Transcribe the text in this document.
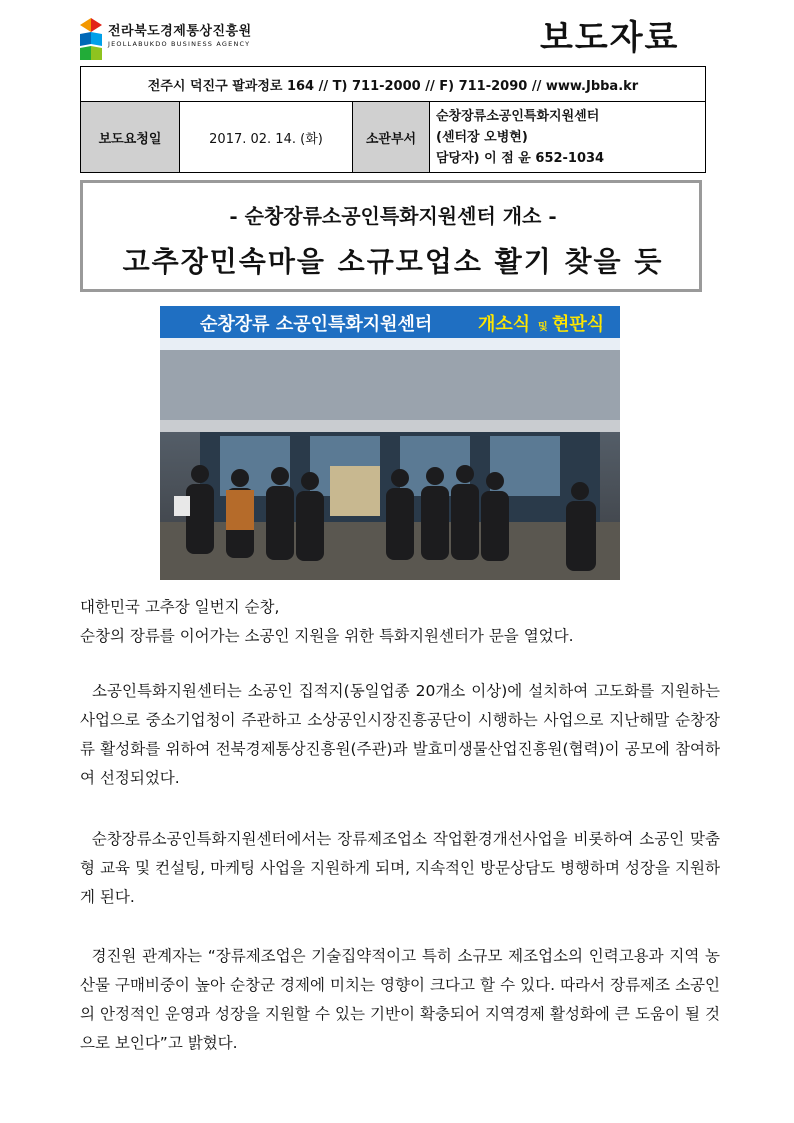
전라북도경제통상진흥원
JEOLLABUKDO BUSINESS AGENCY	보도자료
전주시 덕진구 팔과정로 164 // T) 711-2000 // F) 711-2090 // www.Jbba.kr
보도요청일	2017. 02. 14. (화)	소관부서	
순창장류소공인특화지원센터
(센터장 오병현)
담당자) 이 점 윤 652-1034
- 순창장류소공인특화지원센터 개소 -
고추장민속마을 소규모업소 활기 찾을 듯
순창장류 소공인특화지원센터	개소식 및 현판식
대한민국 고추장 일번지 순창,
순창의 장류를 이어가는 소공인 지원을 위한 특화지원센터가 문을 열었다.
소공인특화지원센터는 소공인 집적지(동일업종 20개소 이상)에 설치하여 고도화를 지원하는 사업으로 중소기업청이 주관하고 소상공인시장진흥공단이 시행하는 사업으로 지난해말 순창장류 활성화를 위하여 전북경제통상진흥원(주관)과 발효미생물산업진흥원(협력)이 공모에 참여하여 선정되었다.
순창장류소공인특화지원센터에서는 장류제조업소 작업환경개선사업을 비롯하여 소공인 맞춤형 교육 및 컨설팅, 마케팅 사업을 지원하게 되며, 지속적인 방문상담도 병행하며 성장을 지원하게 된다.
경진원 관계자는 “장류제조업은 기술집약적이고 특히 소규모 제조업소의 인력고용과 지역 농산물 구매비중이 높아 순창군 경제에 미치는 영향이 크다고 할 수 있다. 따라서 장류제조 소공인의 안정적인 운영과 성장을 지원할 수 있는 기반이 확충되어 지역경제 활성화에 큰 도움이 될 것으로 보인다”고 밝혔다.
